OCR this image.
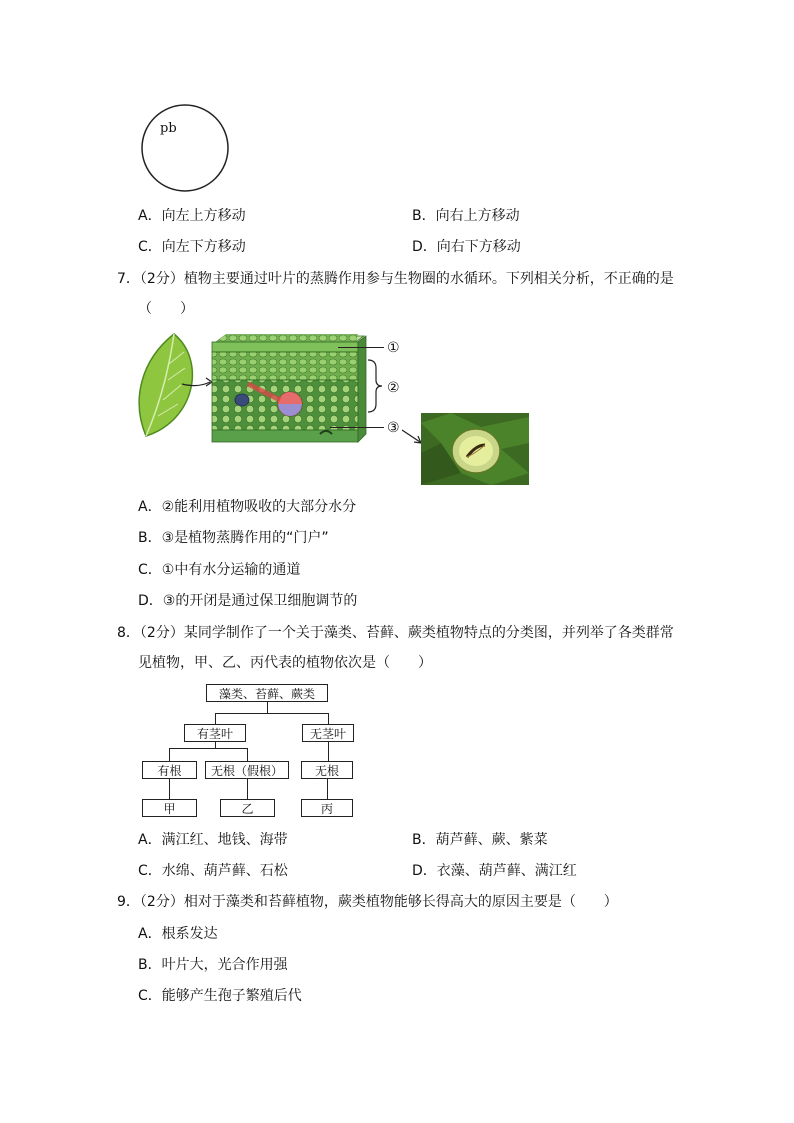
pb
A．向左上方移动	B．向右上方移动
C．向左下方移动	D．向右下方移动
7．（2分）植物主要通过叶片的蒸腾作用参与生物圈的水循环。下列相关分析，不正确的是
（　　）
①
②
③
A．②能利用植物吸收的大部分水分
B．③是植物蒸腾作用的“门户”
C．①中有水分运输的通道
D．③的开闭是通过保卫细胞调节的
8．（2分）某同学制作了一个关于藻类、苔藓、蕨类植物特点的分类图，并列举了各类群常
见植物，甲、乙、丙代表的植物依次是（　　）
藻类、苔藓、蕨类
有茎叶	无茎叶
有根	无根（假根）	无根
甲	乙	丙
A．满江红、地钱、海带	B．葫芦藓、蕨、紫菜
C．水绵、葫芦藓、石松	D．衣藻、葫芦藓、满江红
9．（2分）相对于藻类和苔藓植物，蕨类植物能够长得高大的原因主要是（　　）
A．根系发达
B．叶片大，光合作用强
C．能够产生孢子繁殖后代
